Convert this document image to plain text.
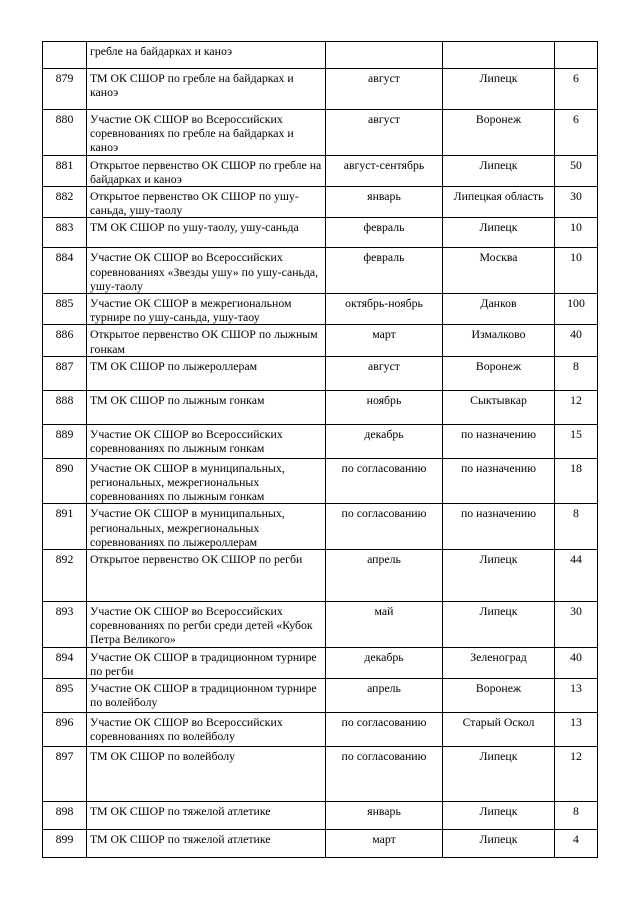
	гребле на байдарках и каноэ			
879	ТМ ОК СШОР по гребле на байдарках и каноэ	август	Липецк	6
880	Участие ОК СШОР во Всероссийских соревнованиях по гребле на байдарках и каноэ	август	Воронеж	6
881	Открытое первенство ОК СШОР по гребле на байдарках и каноэ	август-сентябрь	Липецк	50
882	Открытое первенство ОК СШОР по ушу-саньда, ушу-таолу	январь	Липецкая область	30
883	ТМ ОК СШОР по ушу-таолу, ушу-саньда	февраль	Липецк	10
884	Участие ОК СШОР во Всероссийских соревнованиях «Звезды ушу» по ушу-саньда, ушу-таолу	февраль	Москва	10
885	Участие ОК СШОР в межрегиональном турнире по ушу-саньда, ушу-таоу	октябрь-ноябрь	Данков	100
886	Открытое первенство ОК СШОР по лыжным гонкам	март	Измалково	40
887	ТМ ОК СШОР по лыжероллерам	август	Воронеж	8
888	ТМ ОК СШОР по лыжным гонкам	ноябрь	Сыктывкар	12
889	Участие ОК СШОР во Всероссийских соревнованиях по лыжным гонкам	декабрь	по назначению	15
890	Участие ОК СШОР в муниципальных, региональных, межрегиональных соревнованиях по лыжным гонкам	по согласованию	по назначению	18
891	Участие ОК СШОР в муниципальных, региональных, межрегиональных соревнованиях по лыжероллерам	по согласованию	по назначению	8
892	Открытое первенство ОК СШОР по регби	апрель	Липецк	44
893	Участие ОК СШОР во Всероссийских соревнованиях по регби среди детей «Кубок Петра Великого»	май	Липецк	30
894	Участие ОК СШОР в традиционном турнире по регби	декабрь	Зеленоград	40
895	Участие ОК СШОР в традиционном турнире по волейболу	апрель	Воронеж	13
896	Участие ОК СШОР во Всероссийских соревнованиях по волейболу	по согласованию	Старый Оскол	13
897	ТМ ОК СШОР по волейболу	по согласованию	Липецк	12
898	ТМ ОК СШОР по тяжелой атлетике	январь	Липецк	8
899	ТМ ОК СШОР по тяжелой атлетике	март	Липецк	4
